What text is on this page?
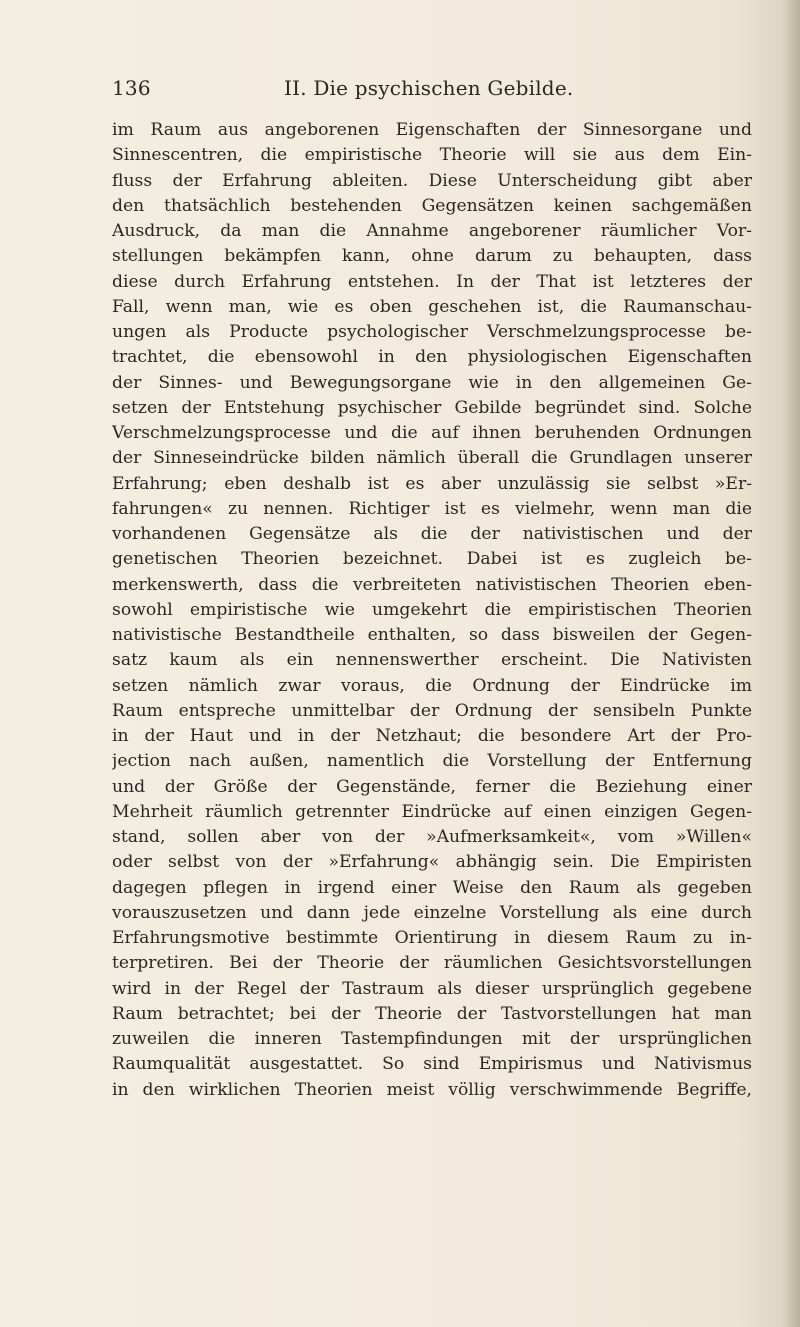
136	II. Die psychischen Gebilde.
im Raum aus angeborenen Eigenschaften der Sinnesorgane und
Sinnescentren, die empiristische Theorie will sie aus dem Ein-
fluss der Erfahrung ableiten. Diese Unterscheidung gibt aber
den thatsächlich bestehenden Gegensätzen keinen sachgemäßen
Ausdruck, da man die Annahme angeborener räumlicher Vor-
stellungen bekämpfen kann, ohne darum zu behaupten, dass
diese durch Erfahrung entstehen. In der That ist letzteres der
Fall, wenn man, wie es oben geschehen ist, die Raumanschau-
ungen als Producte psychologischer Verschmelzungsprocesse be-
trachtet, die ebensowohl in den physiologischen Eigenschaften
der Sinnes- und Bewegungsorgane wie in den allgemeinen Ge-
setzen der Entstehung psychischer Gebilde begründet sind. Solche
Verschmelzungsprocesse und die auf ihnen beruhenden Ordnungen
der Sinneseindrücke bilden nämlich überall die Grundlagen unserer
Erfahrung; eben deshalb ist es aber unzulässig sie selbst »Er-
fahrungen« zu nennen. Richtiger ist es vielmehr, wenn man die
vorhandenen Gegensätze als die der nativistischen und der
genetischen Theorien bezeichnet. Dabei ist es zugleich be-
merkenswerth, dass die verbreiteten nativistischen Theorien eben-
sowohl empiristische wie umgekehrt die empiristischen Theorien
nativistische Bestandtheile enthalten, so dass bisweilen der Gegen-
satz kaum als ein nennenswerther erscheint. Die Nativisten
setzen nämlich zwar voraus, die Ordnung der Eindrücke im
Raum entspreche unmittelbar der Ordnung der sensibeln Punkte
in der Haut und in der Netzhaut; die besondere Art der Pro-
jection nach außen, namentlich die Vorstellung der Entfernung
und der Größe der Gegenstände, ferner die Beziehung einer
Mehrheit räumlich getrennter Eindrücke auf einen einzigen Gegen-
stand, sollen aber von der »Aufmerksamkeit«, vom »Willen«
oder selbst von der »Erfahrung« abhängig sein. Die Empiristen
dagegen pflegen in irgend einer Weise den Raum als gegeben
vorauszusetzen und dann jede einzelne Vorstellung als eine durch
Erfahrungsmotive bestimmte Orientirung in diesem Raum zu in-
terpretiren. Bei der Theorie der räumlichen Gesichtsvorstellungen
wird in der Regel der Tastraum als dieser ursprünglich gegebene
Raum betrachtet; bei der Theorie der Tastvorstellungen hat man
zuweilen die inneren Tastempfindungen mit der ursprünglichen
Raumqualität ausgestattet. So sind Empirismus und Nativismus
in den wirklichen Theorien meist völlig verschwimmende Begriffe,
